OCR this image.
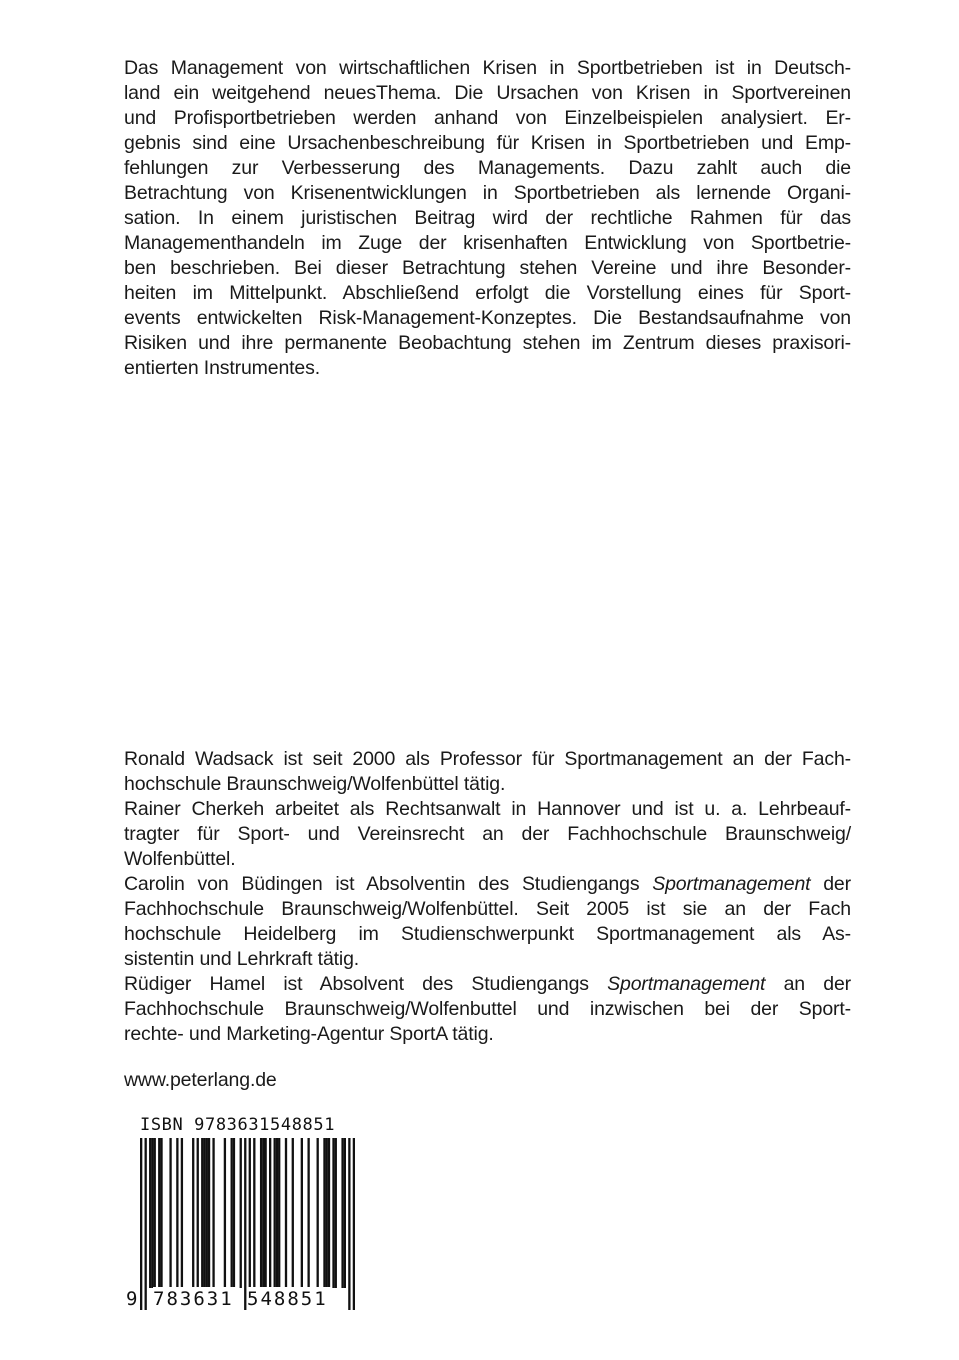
Das Management von wirtschaftlichen Krisen in Sportbetrieben ist in Deutsch-
land ein weitgehend neuesThema. Die Ursachen von Krisen in Sportvereinen
und Profisportbetrieben werden anhand von Einzelbeispielen analysiert. Er-
gebnis sind eine Ursachenbeschreibung für Krisen in Sportbetrieben und Emp-
fehlungen zur Verbesserung des Managements. Dazu zahlt auch die
Betrachtung von Krisenentwicklungen in Sportbetrieben als lernende Organi-
sation. In einem juristischen Beitrag wird der rechtliche Rahmen für das
Managementhandeln im Zuge der krisenhaften Entwicklung von Sportbetrie-
ben beschrieben. Bei dieser Betrachtung stehen Vereine und ihre Besonder-
heiten im Mittelpunkt. Abschließend erfolgt die Vorstellung eines für Sport-
events entwickelten Risk-Management-Konzeptes. Die Bestandsaufnahme von
Risiken und ihre permanente Beobachtung stehen im Zentrum dieses praxisori-
entierten Instrumentes.
Ronald Wadsack ist seit 2000 als Professor für Sportmanagement an der Fach-
hochschule Braunschweig/Wolfenbüttel tätig.
Rainer Cherkeh arbeitet als Rechtsanwalt in Hannover und ist u. a. Lehrbeauf-
tragter für Sport- und Vereinsrecht an der Fachhochschule Braunschweig/
Wolfenbüttel.
Carolin von Büdingen ist Absolventin des Studiengangs Sportmanagement der
Fachhochschule Braunschweig/Wolfenbüttel. Seit 2005 ist sie an der Fach
hochschule Heidelberg im Studienschwerpunkt Sportmanagement als As-
sistentin und Lehrkraft tätig.
Rüdiger Hamel ist Absolvent des Studiengangs Sportmanagement an der
Fachhochschule Braunschweig/Wolfenbuttel und inzwischen bei der Sport-
rechte- und Marketing-Agentur SportA tätig.
www.peterlang.de
ISBN 9783631548851
9 783631 548851
